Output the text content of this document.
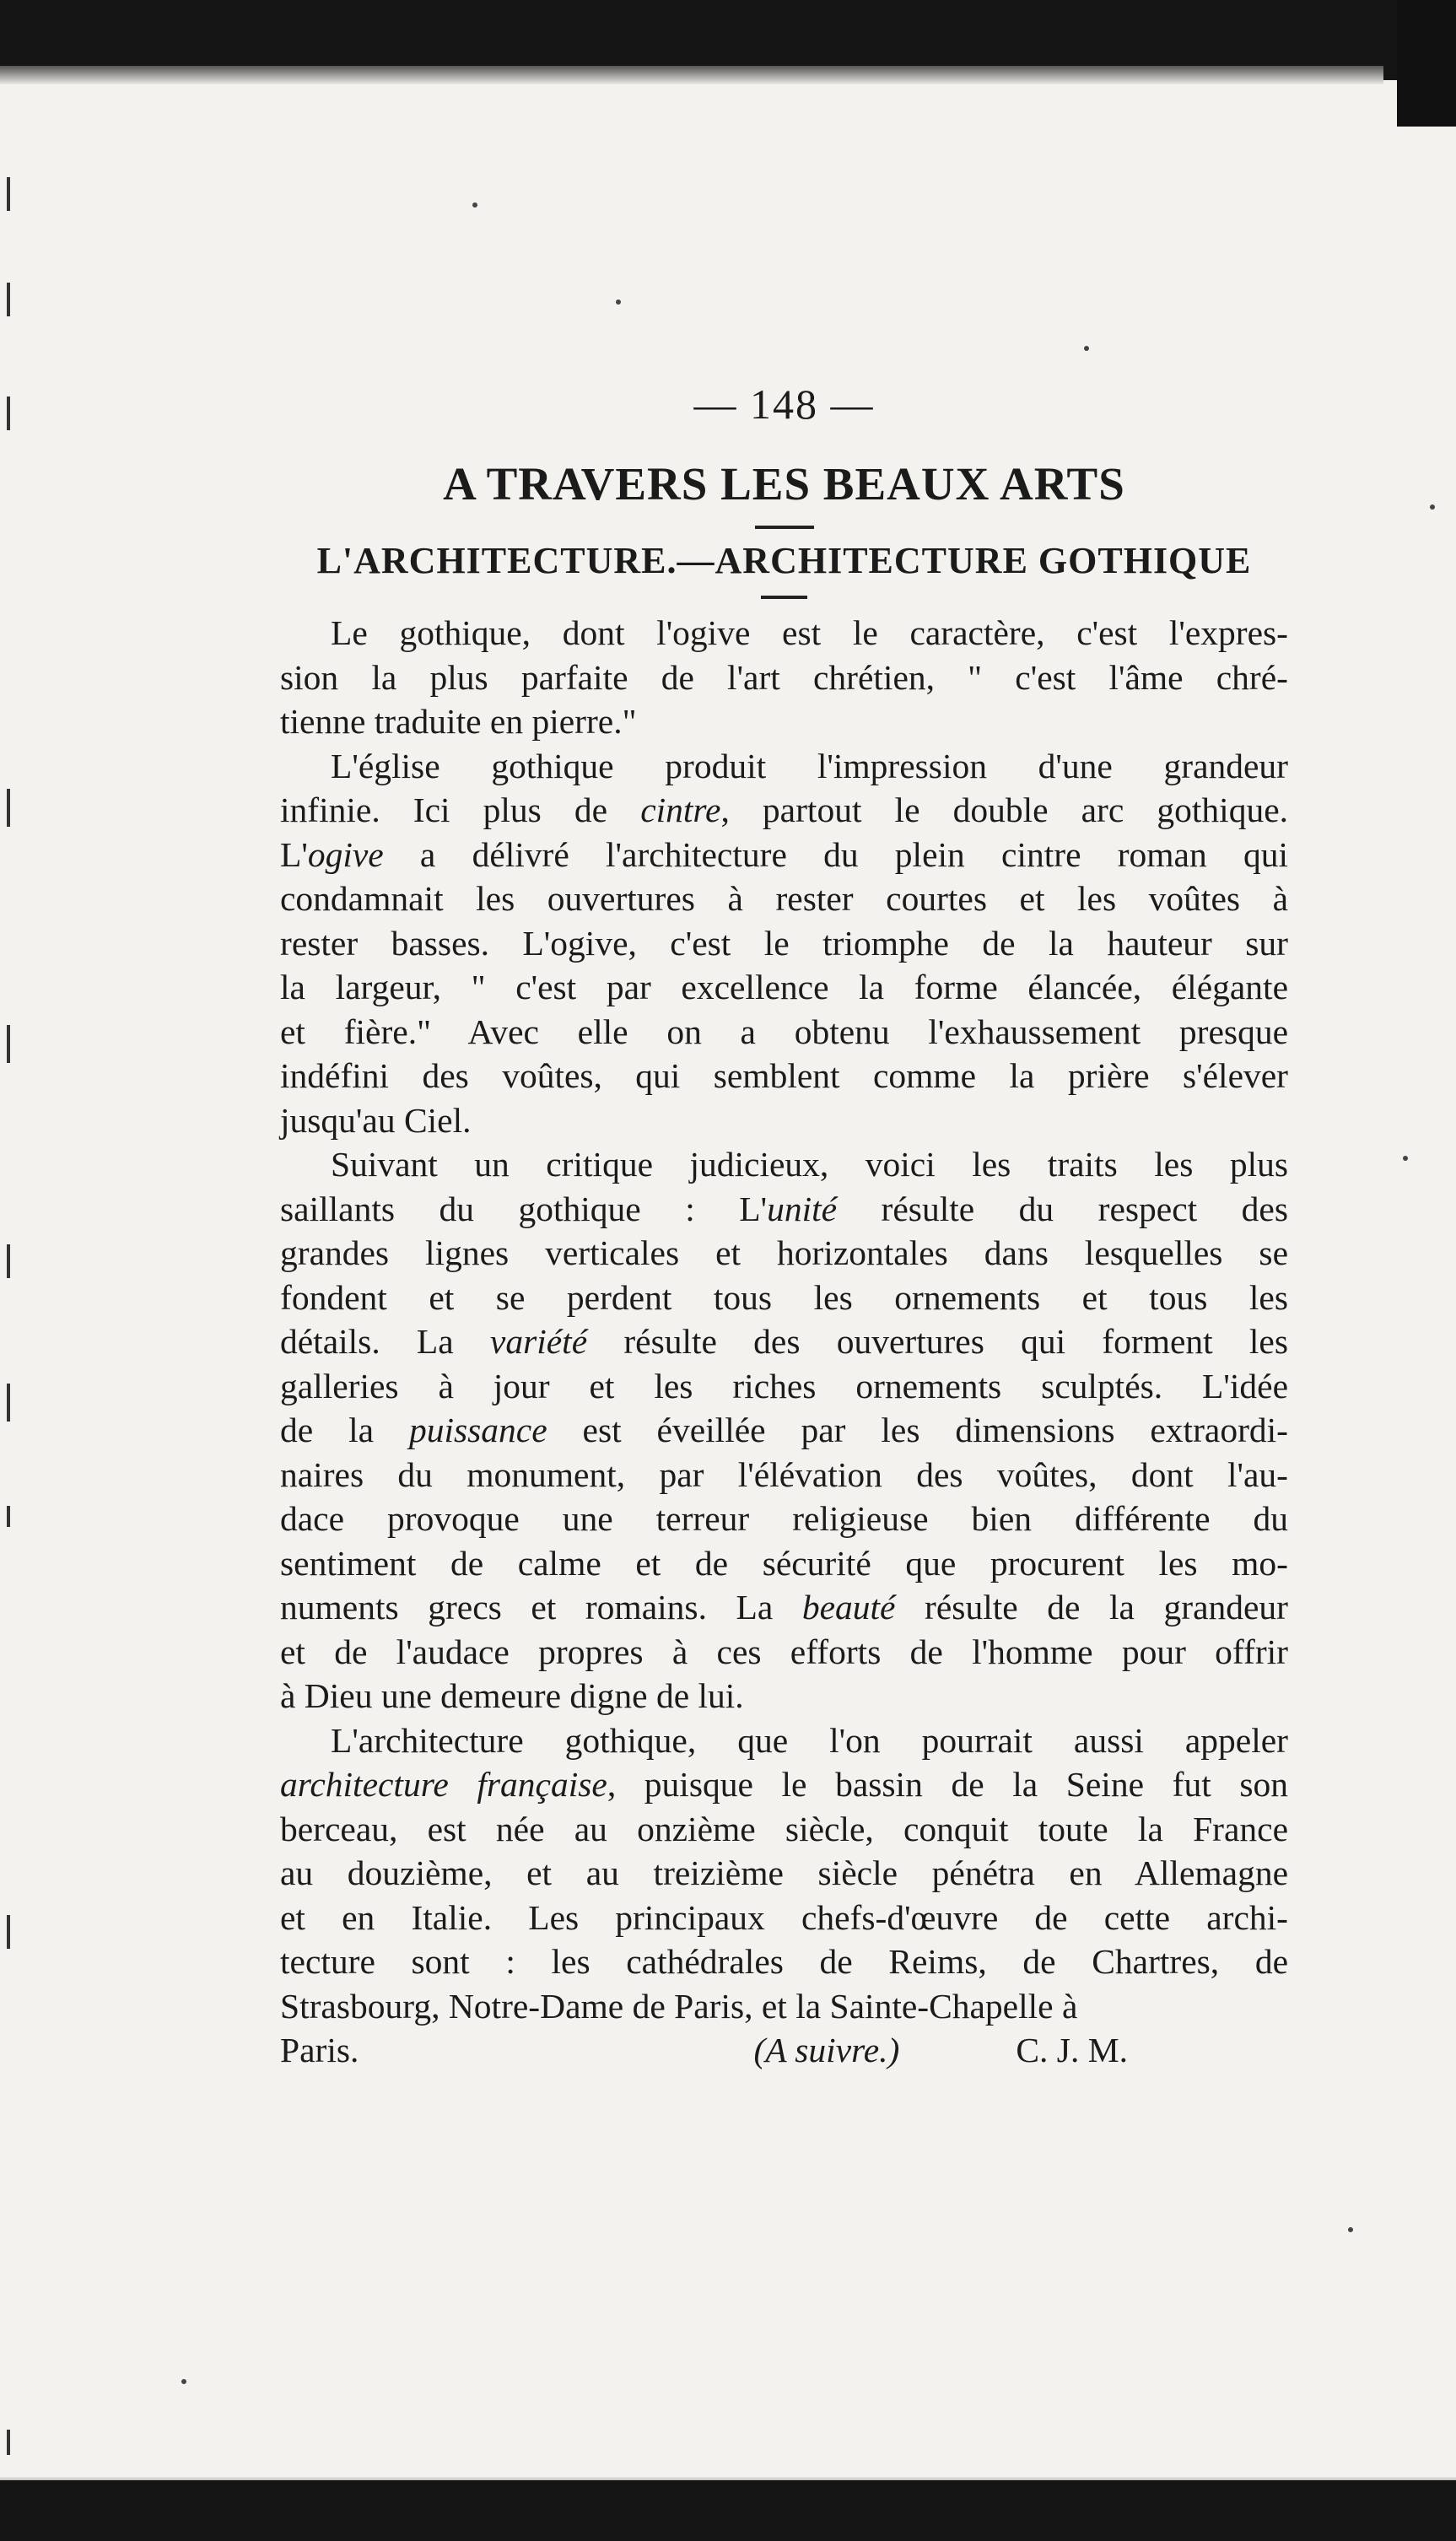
— 148 —

A TRAVERS LES BEAUX ARTS
L'ARCHITECTURE.—ARCHITECTURE GOTHIQUE
Le gothique, dont l'ogive est le caractère, c'est l'expres-
sion la plus parfaite de l'art chrétien, " c'est l'âme chré-
tienne traduite en pierre."
L'église gothique produit l'impression d'une grandeur
infinie. Ici plus de cintre, partout le double arc gothique.
L'ogive a délivré l'architecture du plein cintre roman qui
condamnait les ouvertures à rester courtes et les voûtes à
rester basses. L'ogive, c'est le triomphe de la hauteur sur
la largeur, " c'est par excellence la forme élancée, élégante
et fière." Avec elle on a obtenu l'exhaussement presque
indéfini des voûtes, qui semblent comme la prière s'élever
jusqu'au Ciel.
Suivant un critique judicieux, voici les traits les plus
saillants du gothique : L'unité résulte du respect des
grandes lignes verticales et horizontales dans lesquelles se
fondent et se perdent tous les ornements et tous les
détails. La variété résulte des ouvertures qui forment les
galleries à jour et les riches ornements sculptés. L'idée
de la puissance est éveillée par les dimensions extraordi-
naires du monument, par l'élévation des voûtes, dont l'au-
dace provoque une terreur religieuse bien différente du
sentiment de calme et de sécurité que procurent les mo-
numents grecs et romains. La beauté résulte de la grandeur
et de l'audace propres à ces efforts de l'homme pour offrir
à Dieu une demeure digne de lui.
L'architecture gothique, que l'on pourrait aussi appeler
architecture française, puisque le bassin de la Seine fut son
berceau, est née au onzième siècle, conquit toute la France
au douzième, et au treizième siècle pénétra en Allemagne
et en Italie. Les principaux chefs-d'œuvre de cette archi-
tecture sont : les cathédrales de Reims, de Chartres, de
Strasbourg, Notre-Dame de Paris, et la Sainte-Chapelle à
Paris.	(A suivre.)	C. J. M.
